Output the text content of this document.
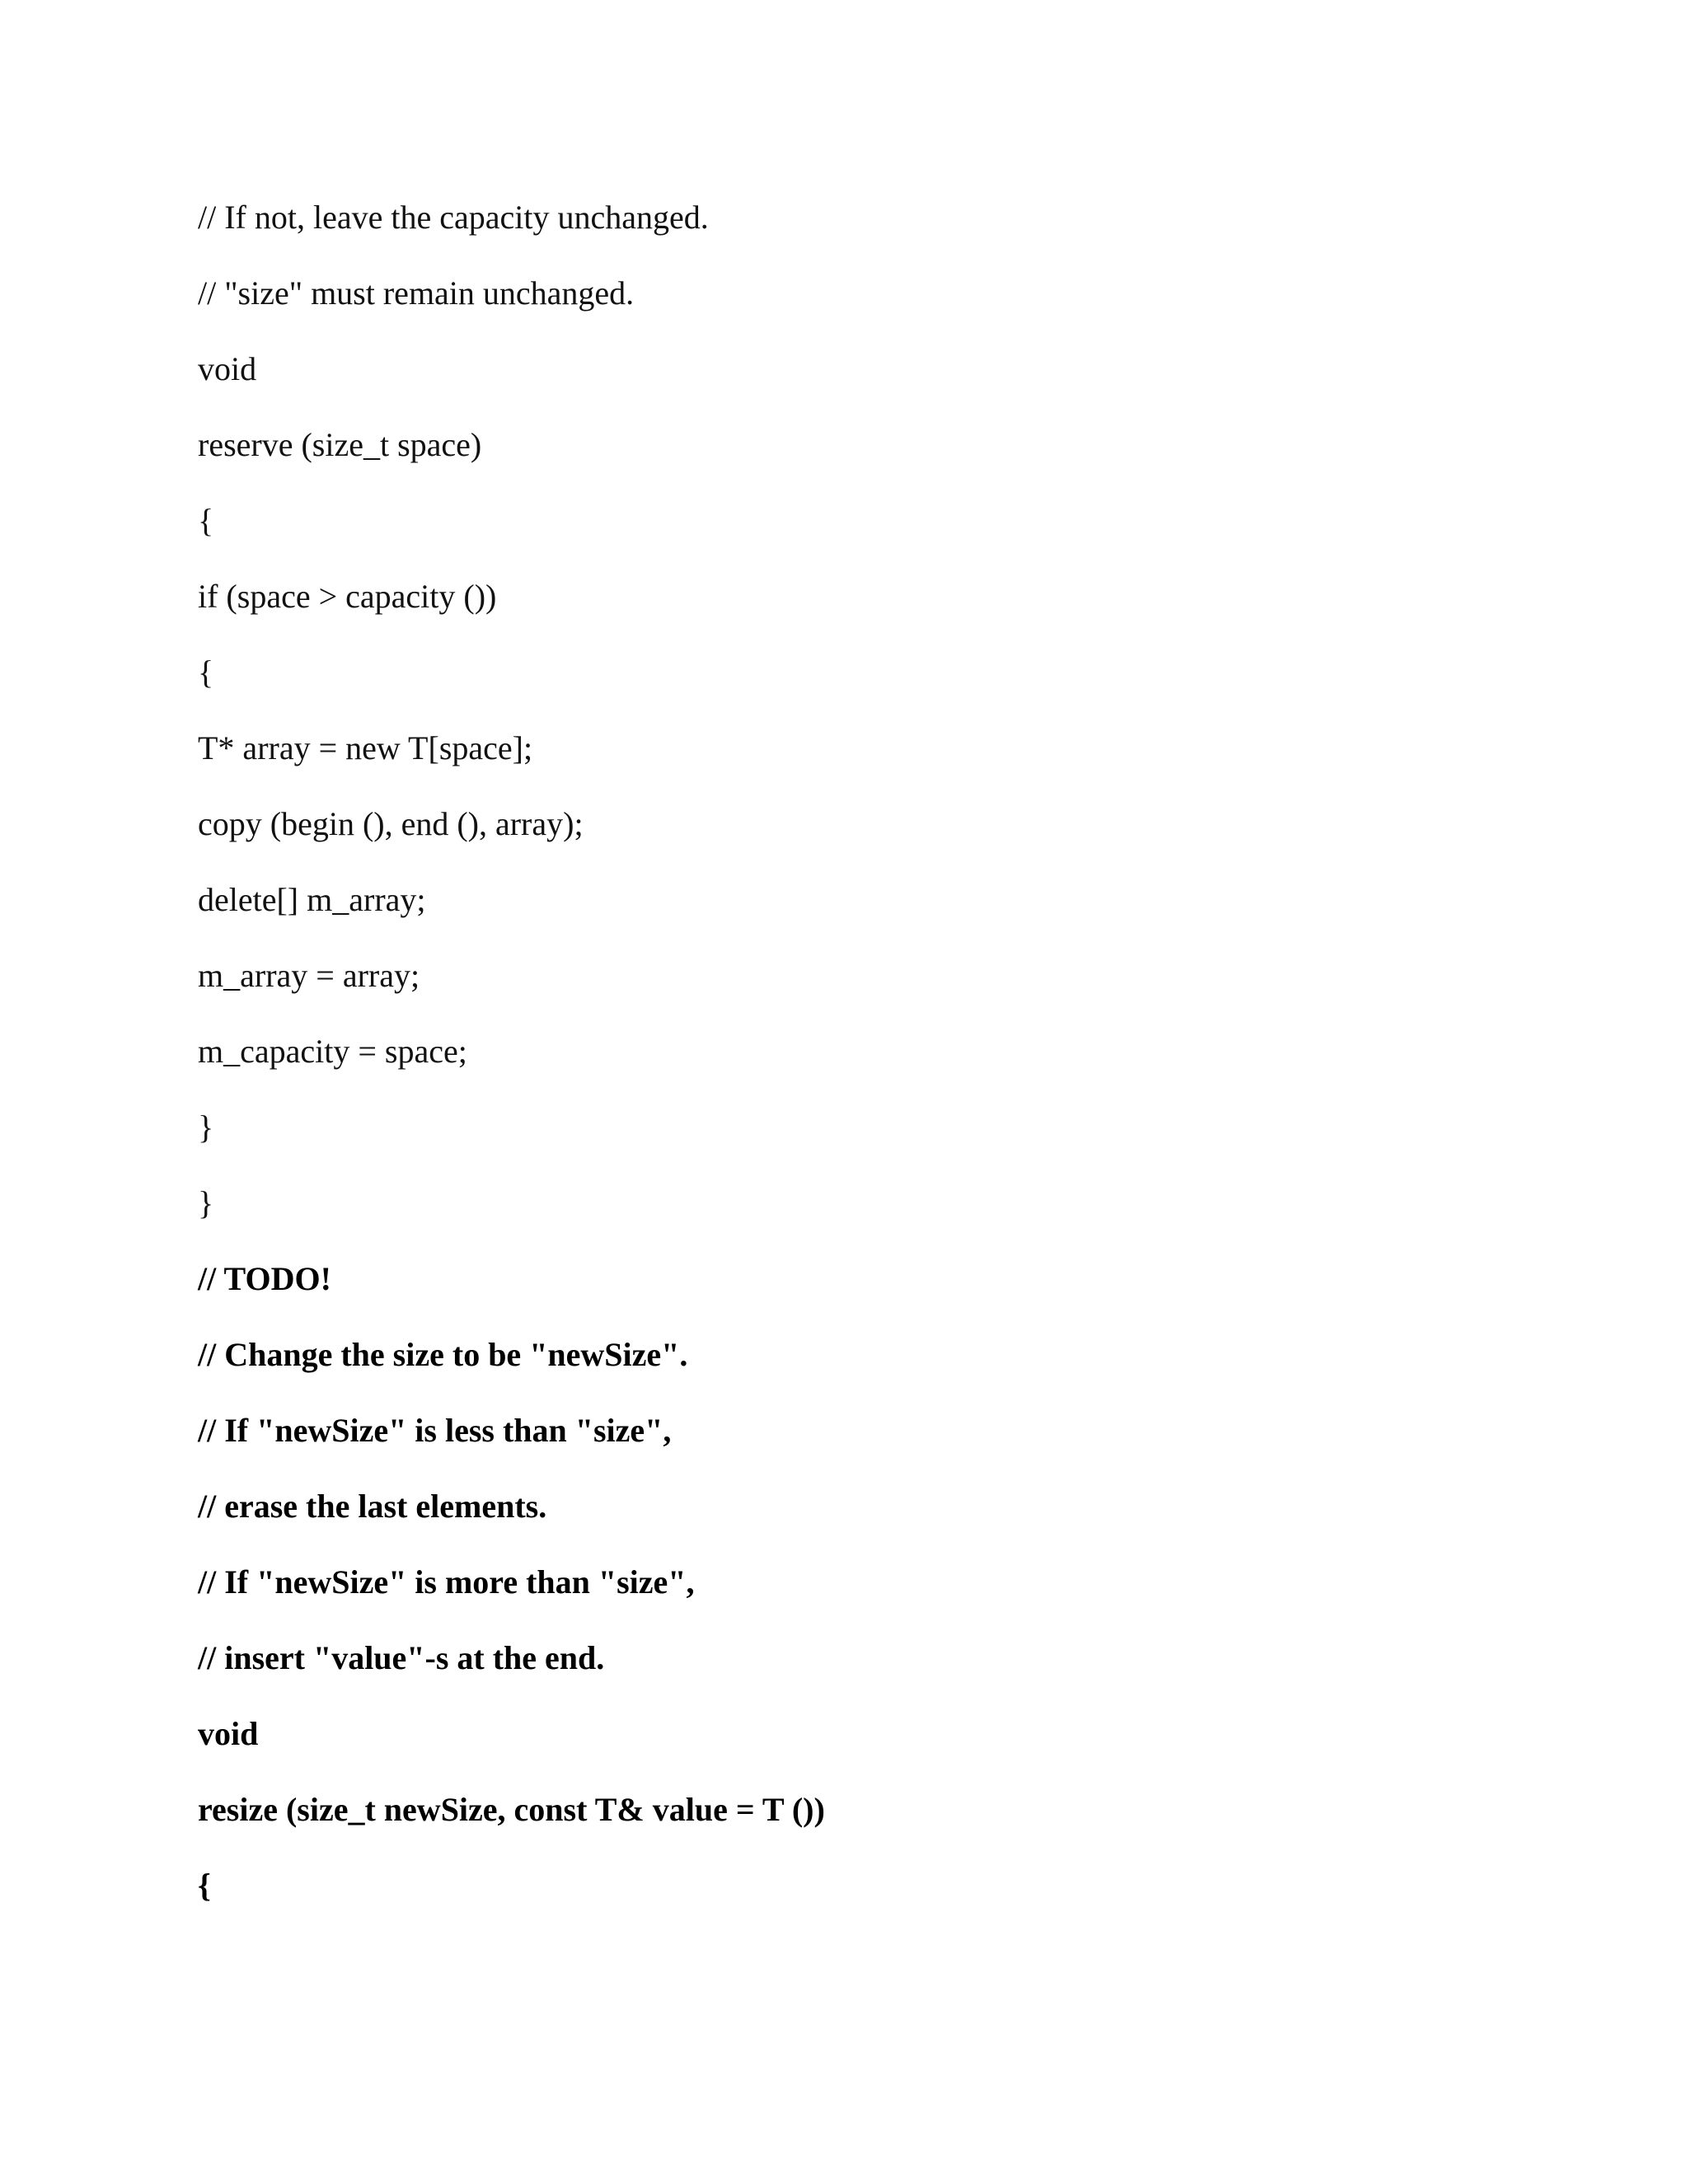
// If not, leave the capacity unchanged.
// "size" must remain unchanged.
void
reserve (size_t space)
{
if (space > capacity ())
{
T* array = new T[space];
copy (begin (), end (), array);
delete[] m_array;
m_array = array;
m_capacity = space;
}
}
// TODO!
// Change the size to be "newSize".
// If "newSize" is less than "size",
// erase the last elements.
// If "newSize" is more than "size",
// insert "value"-s at the end.
void
resize (size_t newSize, const T& value = T ())
{
